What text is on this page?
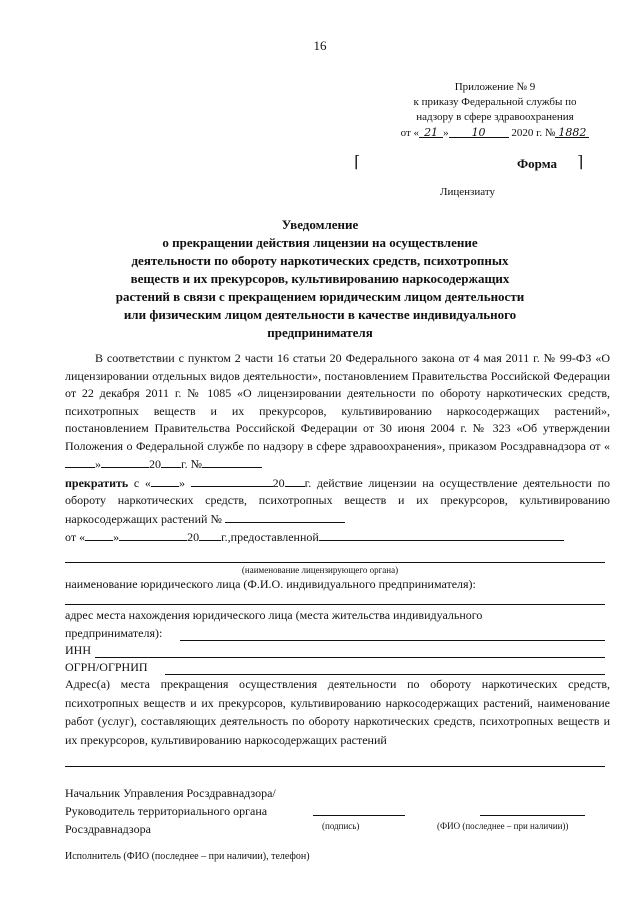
16
Приложение № 9
к приказу Федеральной службы по
надзору в сфере здравоохранения
от « 21 » 10 2020 г. № 1882
⌈	Форма ⌉
Лицензиату
Уведомление
о прекращении действия лицензии на осуществление
деятельности по обороту наркотических средств, психотропных
веществ и их прекурсоров, культивированию наркосодержащих
растений в связи с прекращением юридическим лицом деятельности
или физическим лицом деятельности в качестве индивидуального
предпринимателя

В соответствии с пунктом 2 части 16 статьи 20 Федерального закона от 4 мая 2011 г. № 99-ФЗ «О лицензировании отдельных видов деятельности», постановлением Правительства Российской Федерации от 22 декабря 2011 г. № 1085 «О лицензировании деятельности по обороту наркотических средств, психотропных веществ и их прекурсоров, культивированию наркосодержащих растений», постановлением Правительства Российской Федерации от 30 июня 2004 г. № 323 «Об утверждении Положения о Федеральной службе по надзору в сфере здравоохранения», приказом Росздравнадзора от «»	20 г. №

прекратить с « »	20 г. действие лицензии на осуществление деятельности по обороту наркотических средств, психотропных веществ и их прекурсоров, культивированию наркосодержащих растений №

от « »	20 г.,предоставленной

(наименование лицензирующего органа)
наименование юридического лица (Ф.И.О. индивидуального предпринимателя):
адрес места нахождения юридического лица (места жительства индивидуального
предпринимателя):
ИНН
ОГРН/ОГРНИП
Адрес(а) места прекращения осуществления деятельности по обороту наркотических средств, психотропных веществ и их прекурсоров, культивированию наркосодержащих растений, наименование работ (услуг), составляющих деятельность по обороту наркотических средств, психотропных веществ и их прекурсоров, культивированию наркосодержащих растений
Начальник Управления Росздравнадзора/
Руководитель территориального органа
Росздравнадзора	(подпись)	(ФИО (последнее – при наличии))
Исполнитель (ФИО (последнее – при наличии), телефон)
